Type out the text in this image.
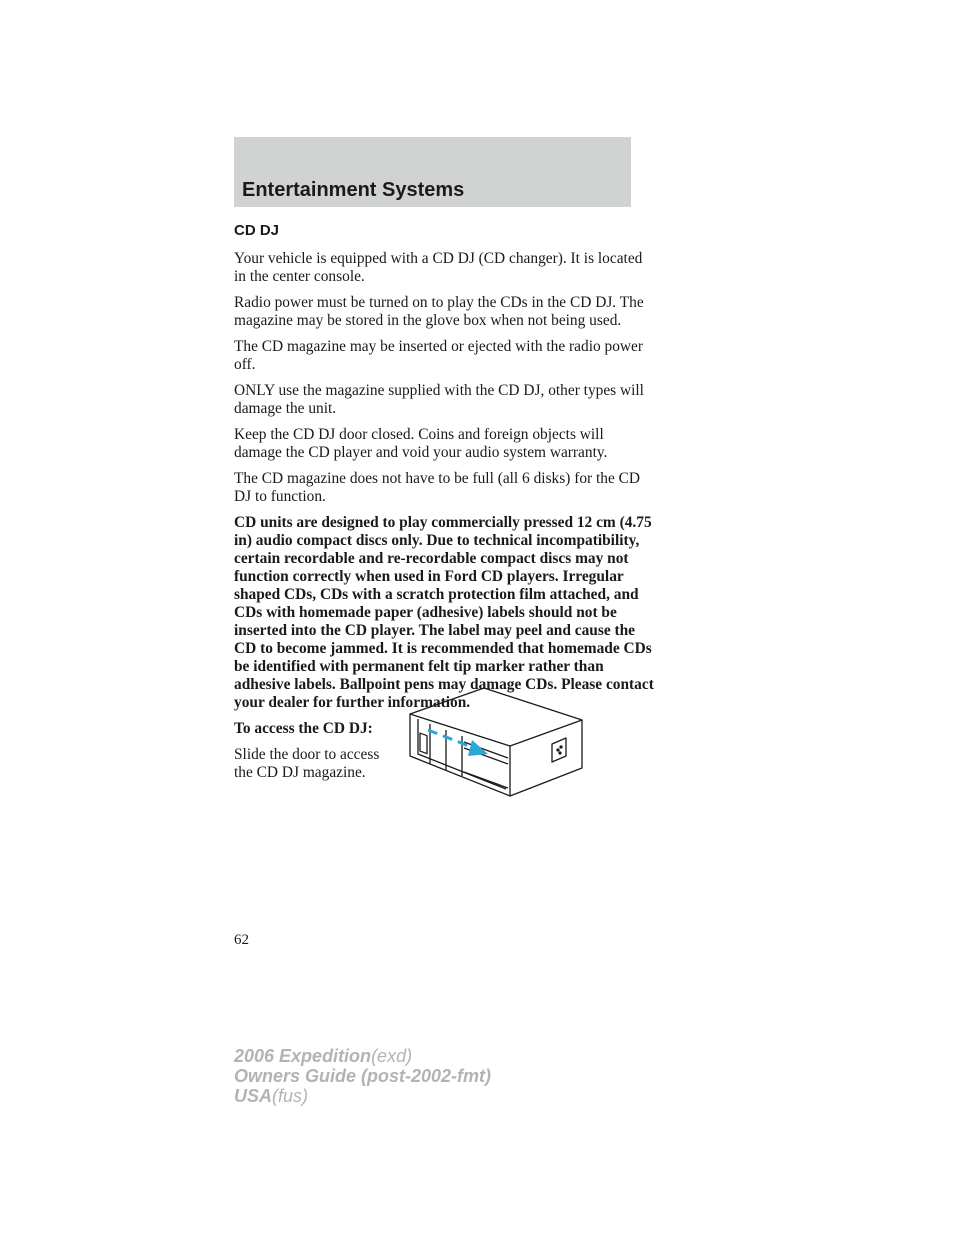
Entertainment Systems
CD DJ

Your vehicle is equipped with a CD DJ (CD changer). It is located in the center console.

Radio power must be turned on to play the CDs in the CD DJ. The magazine may be stored in the glove box when not being used.

The CD magazine may be inserted or ejected with the radio power off.

ONLY use the magazine supplied with the CD DJ, other types will damage the unit.

Keep the CD DJ door closed. Coins and foreign objects will damage the CD player and void your audio system warranty.

The CD magazine does not have to be full (all 6 disks) for the CD DJ to function.

CD units are designed to play commercially pressed 12 cm (4.75 in) audio compact discs only. Due to technical incompatibility, certain recordable and re-recordable compact discs may not function correctly when used in Ford CD players. Irregular shaped CDs, CDs with a scratch protection film attached, and CDs with homemade paper (adhesive) labels should not be inserted into the CD player. The label may peel and cause the CD to become jammed. It is recommended that homemade CDs be identified with permanent felt tip marker rather than adhesive labels. Ballpoint pens may damage CDs. Please contact your dealer for further information.

To access the CD DJ:

Slide the door to access the CD DJ magazine.

62
2006 Expedition(exd)
Owners Guide (post-2002-fmt)
USA(fus)
